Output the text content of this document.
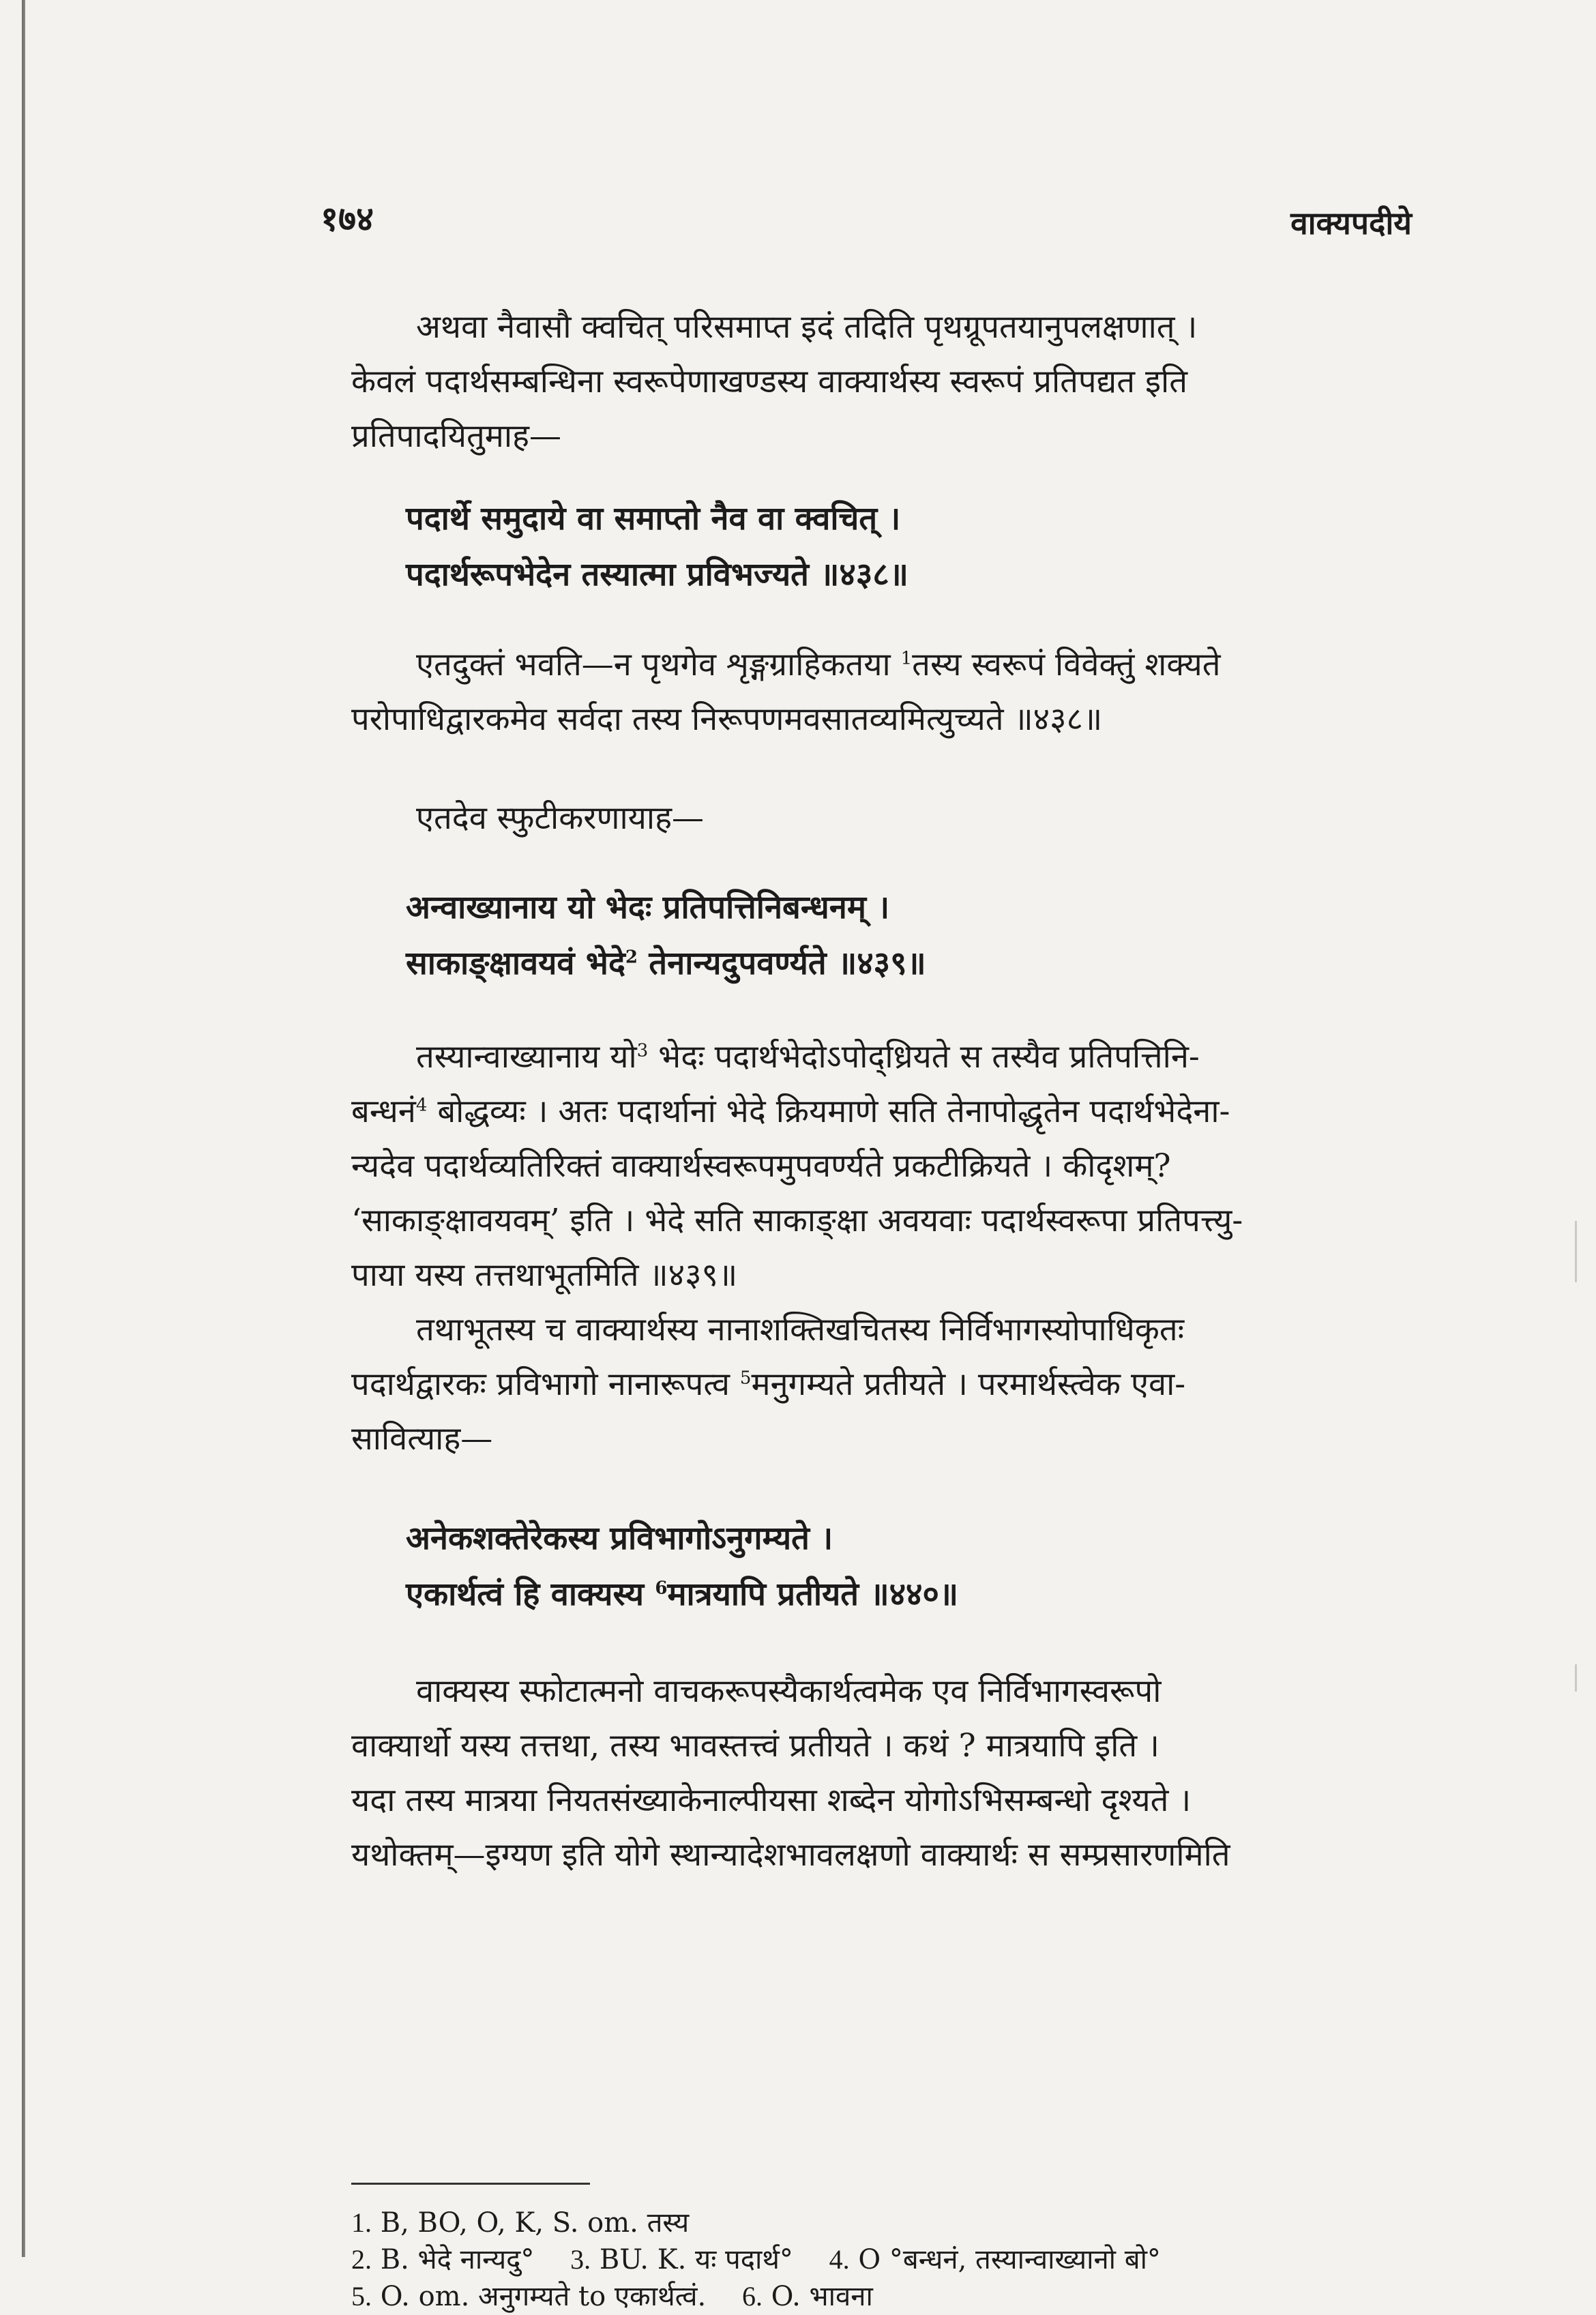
१७४	वाक्यपदीये

अथवा नैवासौ क्वचित् परिसमाप्त इदं तदिति पृथग्रूपतयानुपलक्षणात् ।
केवलं पदार्थसम्बन्धिना स्वरूपेणाखण्डस्य वाक्यार्थस्य स्वरूपं प्रतिपद्यत इति
प्रतिपादयितुमाह—

पदार्थे समुदाये वा समाप्तो नैव वा क्वचित् ।
पदार्थरूपभेदेन तस्यात्मा प्रविभज्यते ॥४३८॥

एतदुक्तं भवति—न पृथगेव शृङ्गग्राहिकतया $^1$तस्य स्वरूपं विवेक्तुं शक्यते
परोपाधिद्वारकमेव सर्वदा तस्य निरूपणमवसातव्यमित्युच्यते ॥४३८॥

एतदेव स्फुटीकरणायाह—

अन्वाख्यानाय यो भेदः प्रतिपत्तिनिबन्धनम् ।
साकाङ्क्षावयवं भेदे$^2$ तेनान्यदुपवर्ण्यते ॥४३९॥

तस्यान्वाख्यानाय यो$^3$ भेदः पदार्थभेदोऽपोद्ध्रियते स तस्यैव प्रतिपत्तिनि-
बन्धनं$^4$ बोद्धव्यः । अतः पदार्थानां भेदे क्रियमाणे सति तेनापोद्धृतेन पदार्थभेदेना-
न्यदेव पदार्थव्यतिरिक्तं वाक्यार्थस्वरूपमुपवर्ण्यते प्रकटीक्रियते । कीदृशम्?
‘साकाङ्क्षावयवम्’ इति । भेदे सति साकाङ्क्षा अवयवाः पदार्थस्वरूपा प्रतिपत्त्यु-
पाया यस्य तत्तथाभूतमिति ॥४३९॥

तथाभूतस्य च वाक्यार्थस्य नानाशक्तिखचितस्य निर्विभागस्योपाधिकृतः
पदार्थद्वारकः प्रविभागो नानारूपत्व $^5$मनुगम्यते प्रतीयते । परमार्थस्त्वेक एवा-
सावित्याह—

अनेकशक्तेरेकस्य प्रविभागोऽनुगम्यते ।
एकार्थत्वं हि वाक्यस्य $^6$मात्रयापि प्रतीयते ॥४४०॥

वाक्यस्य स्फोटात्मनो वाचकरूपस्यैकार्थत्वमेक एव निर्विभागस्वरूपो
वाक्यार्थो यस्य तत्तथा, तस्य भावस्तत्त्वं प्रतीयते । कथं ? मात्रयापि इति ।
यदा तस्य मात्रया नियतसंख्याकेनाल्पीयसा शब्देन योगोऽभिसम्बन्धो दृश्यते ।
यथोक्तम्—इग्यण इति योगे स्थान्यादेशभावलक्षणो वाक्यार्थः स सम्प्रसारणमिति

1. B, BO, O, K, S. om. तस्य
2. B. भेदे नान्यदु° 3. BU. K. यः पदार्थ° 4. O °बन्धनं, तस्यान्वाख्यानो बो°
5. O. om. अनुगम्यते to एकार्थत्वं. 6. O. भावना
